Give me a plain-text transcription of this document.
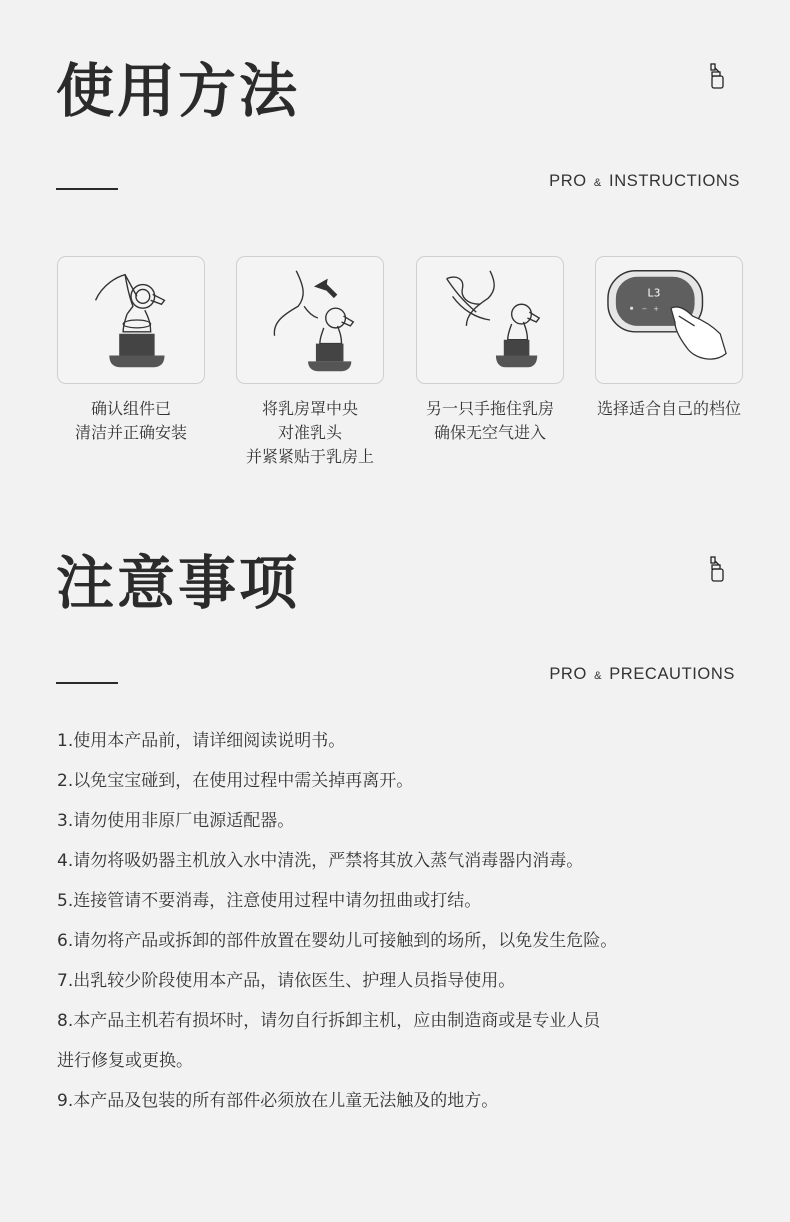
使用方法
PRO & INSTRUCTIONS
L3
− +
确认组件已
清洁并正确安装
将乳房罩中央
对准乳头
并紧紧贴于乳房上
另一只手拖住乳房
确保无空气进入
选择适合自己的档位
注意事项
PRO & PRECAUTIONS
1.使用本产品前，请详细阅读说明书。
2.以免宝宝碰到，在使用过程中需关掉再离开。
3.请勿使用非原厂电源适配器。
4.请勿将吸奶器主机放入水中清洗，严禁将其放入蒸气消毒器内消毒。
5.连接管请不要消毒，注意使用过程中请勿扭曲或打结。
6.请勿将产品或拆卸的部件放置在婴幼儿可接触到的场所，以免发生危险。
7.出乳较少阶段使用本产品，请依医生、护理人员指导使用。
8.本产品主机若有损坏时，请勿自行拆卸主机，应由制造商或是专业人员
进行修复或更换。
9.本产品及包装的所有部件必须放在儿童无法触及的地方。
